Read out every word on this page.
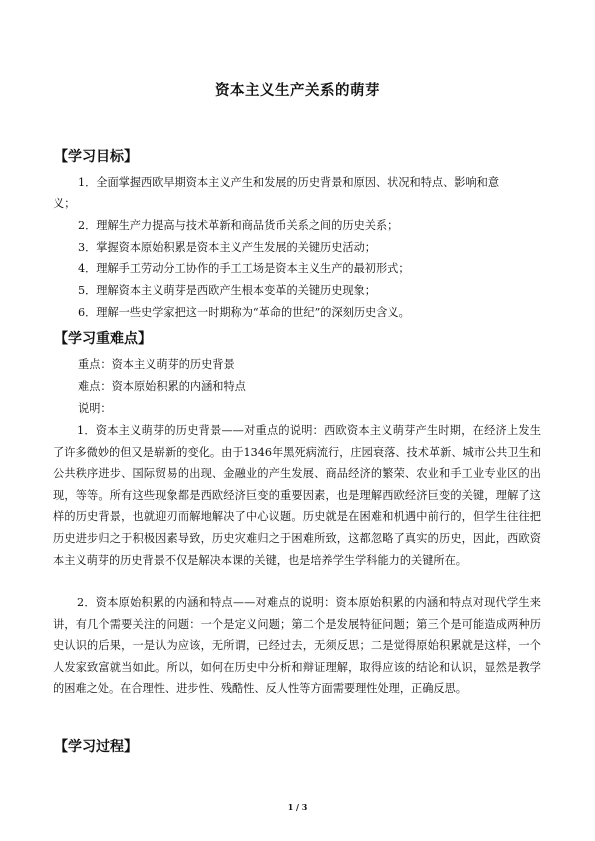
资本主义生产关系的萌芽
【学习目标】
1．全面掌握西欧早期资本主义产生和发展的历史背景和原因、状况和特点、影响和意
义；
2．理解生产力提高与技术革新和商品货币关系之间的历史关系；
3．掌握资本原始积累是资本主义产生发展的关键历史活动；
4．理解手工劳动分工协作的手工工场是资本主义生产的最初形式；
5．理解资本主义萌芽是西欧产生根本变革的关键历史现象；
6．理解一些史学家把这一时期称为“革命的世纪”的深刻历史含义。
【学习重难点】
重点：资本主义萌芽的历史背景
难点：资本原始积累的内涵和特点
说明：

1．资本主义萌芽的历史背景——对重点的说明：西欧资本主义萌芽产生时期，在经济上发生了许多微妙的但又是崭新的变化。由于1346年黑死病流行，庄园衰落、技术革新、城市公共卫生和公共秩序进步、国际贸易的出现、金融业的产生发展、商品经济的繁荣、农业和手工业专业区的出现，等等。所有这些现象都是西欧经济巨变的重要因素，也是理解西欧经济巨变的关键，理解了这样的历史背景，也就迎刃而解地解决了中心议题。历史就是在困难和机遇中前行的，但学生往往把历史进步归之于积极因素导致，历史灾难归之于困难所致，这都忽略了真实的历史，因此，西欧资本主义萌芽的历史背景不仅是解决本课的关键，也是培养学生学科能力的关键所在。

2．资本原始积累的内涵和特点——对难点的说明：资本原始积累的内涵和特点对现代学生来讲，有几个需要关注的问题：一个是定义问题；第二个是发展特征问题；第三个是可能造成两种历史认识的后果，一是认为应该，无所谓，已经过去，无须反思；二是觉得原始积累就是这样，一个人发家致富就当如此。所以，如何在历史中分析和辩证理解，取得应该的结论和认识，显然是教学的困难之处。在合理性、进步性、残酷性、反人性等方面需要理性处理，正确反思。

【学习过程】
1 / 3
